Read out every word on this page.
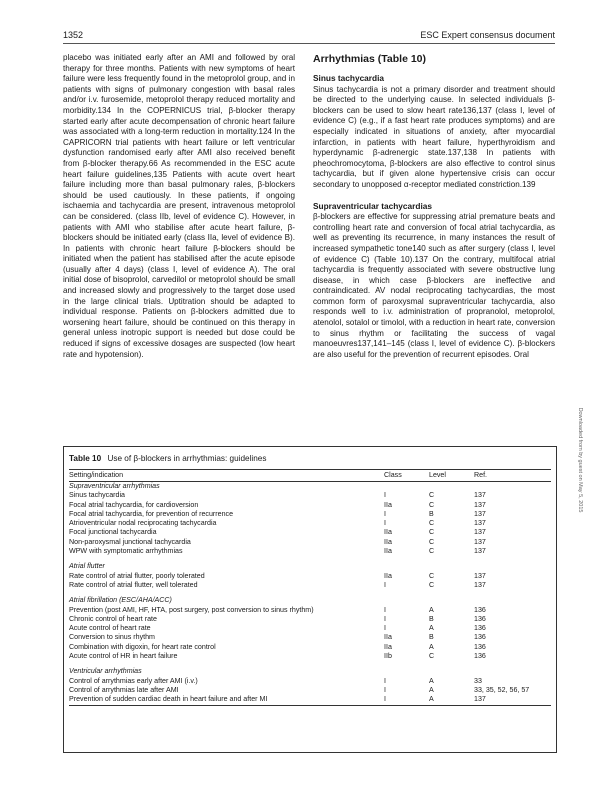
1352	ESC Expert consensus document

placebo was initiated early after an AMI and followed by oral therapy for three months. Patients with new symptoms of heart failure were less frequently found in the metoprolol group, and in patients with signs of pulmonary congestion with basal rales and/or i.v. furosemide, metoprolol therapy reduced mortality and morbidity.134 In the COPERNICUS trial, β-blocker therapy started early after acute decompensation of chronic heart failure was associated with a long-term reduction in mortality.124 In the CAPRICORN trial patients with heart failure or left ventricular dysfunction randomised early after AMI also received benefit from β-blocker therapy.66 As recommended in the ESC acute heart failure guidelines,135 Patients with acute overt heart failure including more than basal pulmonary rales, β-blockers should be used cautiously. In these patients, if ongoing ischaemia and tachycardia are present, intravenous metoprolol can be considered. (class IIb, level of evidence C). However, in patients with AMI who stabilise after acute heart failure, β-blockers should be initiated early (class IIa, level of evidence B). In patients with chronic heart failure β-blockers should be initiated when the patient has stabilised after the acute episode (usually after 4 days) (class I, level of evidence A). The oral initial dose of bisoprolol, carvedilol or metoprolol should be small and increased slowly and progressively to the target dose used in the large clinical trials. Uptitration should be adapted to individual response. Patients on β-blockers admitted due to worsening heart failure, should be continued on this therapy in general unless inotropic support is needed but dose could be reduced if signs of excessive dosages are suspected (low heart rate and hypotension).

Arrhythmias (Table 10)
Sinus tachycardia

Sinus tachycardia is not a primary disorder and treatment should be directed to the underlying cause. In selected individuals β-blockers can be used to slow heart rate136,137 (class I, level of evidence C) (e.g., if a fast heart rate produces symptoms) and are especially indicated in situations of anxiety, after myocardial infarction, in patients with heart failure, hyperthyroidism and hyperdynamic β-adrenergic state.137,138 In patients with pheochromocytoma, β-blockers are also effective to control sinus tachycardia, but if given alone hypertensive crisis can occur secondary to unopposed α-receptor mediated constriction.139

Supraventricular tachycardias

β-blockers are effective for suppressing atrial premature beats and controlling heart rate and conversion of focal atrial tachycardia, as well as preventing its recurrence, in many instances the result of increased sympathetic tone140 such as after surgery (class I, level of evidence C) (Table 10).137 On the contrary, multifocal atrial tachycardia is frequently associated with severe obstructive lung disease, in which case β-blockers are ineffective and contraindicated. AV nodal reciprocating tachycardias, the most common form of paroxysmal supraventricular tachycardia, also responds well to i.v. administration of propranolol, metoprolol, atenolol, sotalol or timolol, with a reduction in heart rate, conversion to sinus rhythm or facilitating the success of vagal manoeuvres137,141–145 (class I, level of evidence C). β-blockers are also useful for the prevention of recurrent episodes. Oral

Downloaded from by guest on May 5, 2015
Table 10 Use of β-blockers in arrhythmias: guidelines
Setting/indication	Class	Level	Ref.
Supraventricular arrhythmias			
Sinus tachycardia	I	C	137
Focal atrial tachycardia, for cardioversion	IIa	C	137
Focal atrial tachycardia, for prevention of recurrence	I	B	137
Atrioventricular nodal reciprocating tachycardia	I	C	137
Focal junctional tachycardia	IIa	C	137
Non-paroxysmal junctional tachycardia	IIa	C	137
WPW with symptomatic arrhythmias	IIa	C	137

Atrial flutter			
Rate control of atrial flutter, poorly tolerated	IIa	C	137
Rate control of atrial flutter, well tolerated	I	C	137

Atrial fibrillation (ESC/AHA/ACC)			
Prevention (post AMI, HF, HTA, post surgery, post conversion to sinus rhythm)	I	A	136
Chronic control of heart rate	I	B	136
Acute control of heart rate	I	A	136
Conversion to sinus rhythm	IIa	B	136
Combination with digoxin, for heart rate control	IIa	A	136
Acute control of HR in heart failure	IIb	C	136

Ventricular arrhythmias			
Control of arrythmias early after AMI (i.v.)	I	A	33
Control of arrythmias late after AMI	I	A	33, 35, 52, 56, 57
Prevention of sudden cardiac death in heart failure and after MI	I	A	137
